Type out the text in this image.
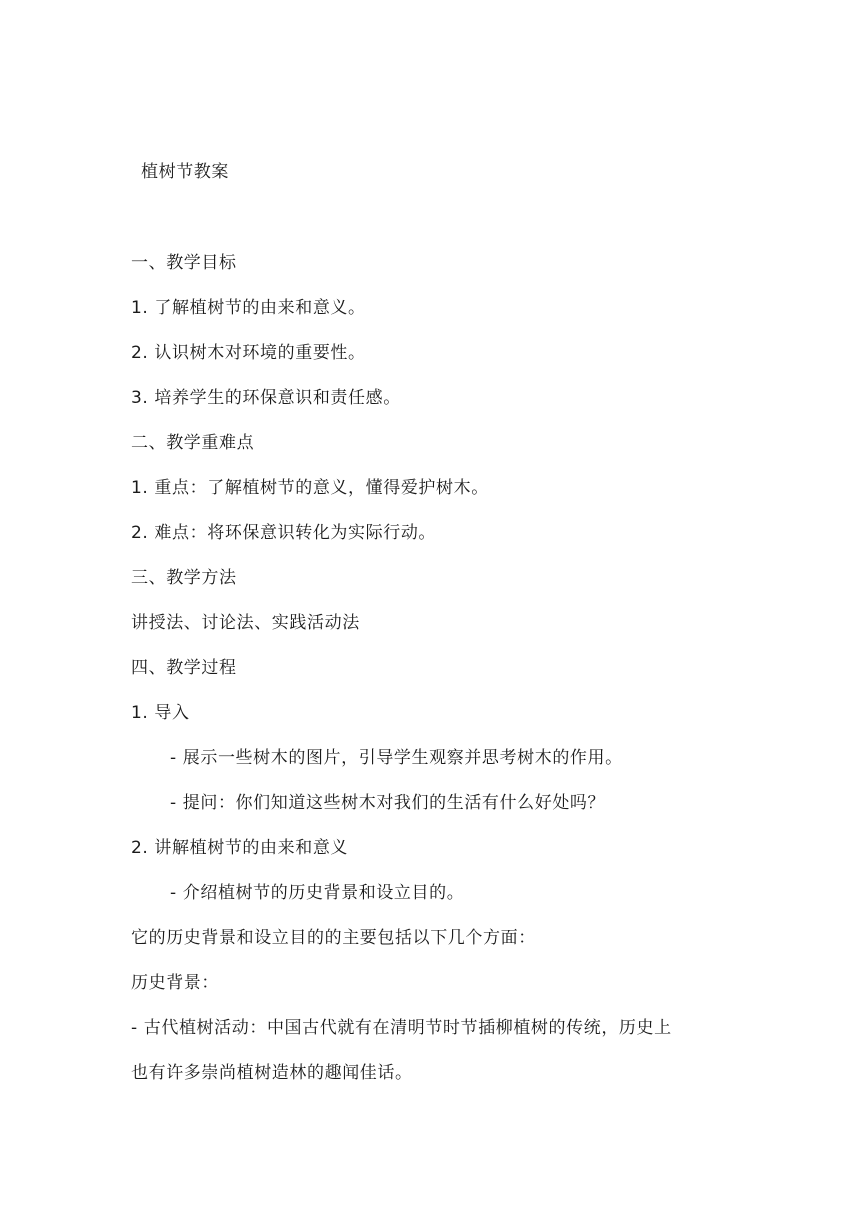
植树节教案
一、教学目标
1. 了解植树节的由来和意义。
2. 认识树木对环境的重要性。
3. 培养学生的环保意识和责任感。
二、教学重难点
1. 重点：了解植树节的意义，懂得爱护树木。
2. 难点：将环保意识转化为实际行动。
三、教学方法
讲授法、讨论法、实践活动法
四、教学过程
1. 导入
- 展示一些树木的图片，引导学生观察并思考树木的作用。
- 提问：你们知道这些树木对我们的生活有什么好处吗？
2. 讲解植树节的由来和意义
- 介绍植树节的历史背景和设立目的。
它的历史背景和设立目的的主要包括以下几个方面：
历史背景：
- 古代植树活动：中国古代就有在清明节时节插柳植树的传统，历史上
也有许多崇尚植树造林的趣闻佳话。
